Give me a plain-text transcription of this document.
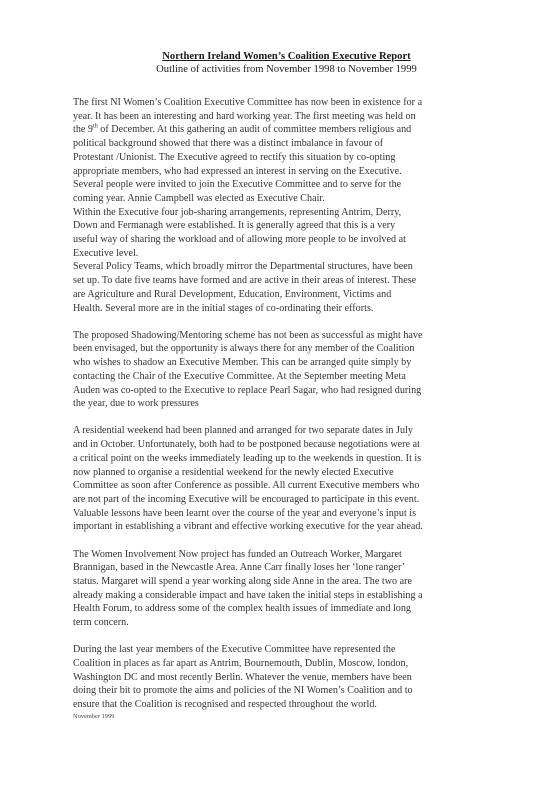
Northern Ireland Women’s Coalition Executive Report
Outline of activities from November 1998 to November 1999
The first NI Women’s Coalition Executive Committee has now been in existence for a
year. It has been an interesting and hard working year. The first meeting was held on
the 9th of December. At this gathering an audit of committee members religious and
political background showed that there was a distinct imbalance in favour of
Protestant /Unionist. The Executive agreed to rectify this situation by co-opting
appropriate members, who had expressed an interest in serving on the Executive.
Several people were invited to join the Executive Committee and to serve for the
coming year. Annie Campbell was elected as Executive Chair.
Within the Executive four job-sharing arrangements, representing Antrim, Derry,
Down and Fermanagh were established. It is generally agreed that this is a very
useful way of sharing the workload and of allowing more people to be involved at
Executive level.
Several Policy Teams, which broadly mirror the Departmental structures, have been
set up. To date five teams have formed and are active in their areas of interest. These
are Agriculture and Rural Development, Education, Environment, Victims and
Health. Several more are in the initial stages of co-ordinating their efforts.
The proposed Shadowing/Mentoring scheme has not been as successful as might have
been envisaged, but the opportunity is always there for any member of the Coalition
who wishes to shadow an Executive Member. This can be arranged quite simply by
contacting the Chair of the Executive Committee. At the September meeting Meta
Auden was co-opted to the Executive to replace Pearl Sagar, who had resigned during
the year, due to work pressures
A residential weekend had been planned and arranged for two separate dates in July
and in October. Unfortunately, both had to be postponed because negotiations were at
a critical point on the weeks immediately leading up to the weekends in question. It is
now planned to organise a residential weekend for the newly elected Executive
Committee as soon after Conference as possible. All current Executive members who
are not part of the incoming Executive will be encouraged to participate in this event.
Valuable lessons have been learnt over the course of the year and everyone’s input is
important in establishing a vibrant and effective working executive for the year ahead.
The Women Involvement Now project has funded an Outreach Worker, Margaret
Brannigan, based in the Newcastle Area. Anne Carr finally loses her ‘lone ranger’
status. Margaret will spend a year working along side Anne in the area. The two are
already making a considerable impact and have taken the initial steps in establishing a
Health Forum, to address some of the complex health issues of immediate and long
term concern.
During the last year members of the Executive Committee have represented the
Coalition in places as far apart as Antrim, Bournemouth, Dublin, Moscow, london,
Washington DC and most recently Berlin. Whatever the venue, members have been
doing their bit to promote the aims and policies of the NI Women’s Coalition and to
ensure that the Coalition is recognised and respected throughout the world.
November 1999
